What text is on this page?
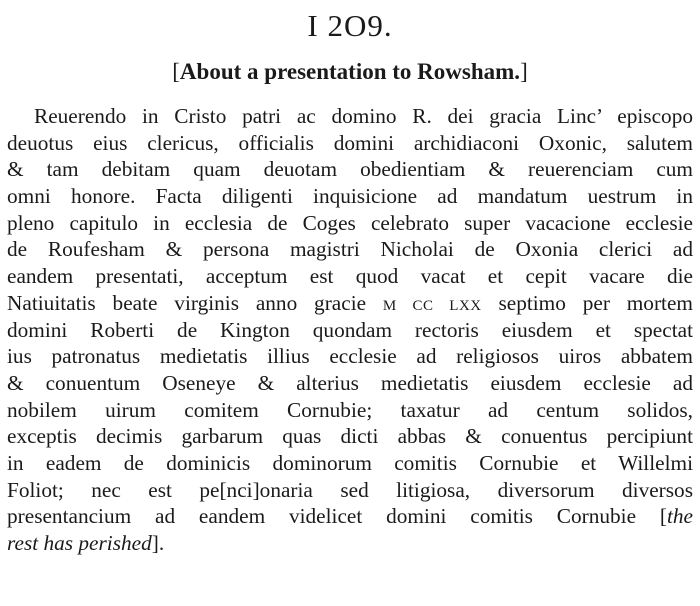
I 2O9.
[About a presentation to Rowsham.]
Reuerendo in Cristo patri ac domino R. dei gracia Linc’ episcopo
deuotus eius clericus, officialis domini archidiaconi Oxonic, salutem
& tam debitam quam deuotam obedientiam & reuerenciam cum
omni honore. Facta diligenti inquisicione ad mandatum uestrum in
pleno capitulo in ecclesia de Coges celebrato super vacacione ecclesie
de Roufesham & persona magistri Nicholai de Oxonia clerici ad
eandem presentati, acceptum est quod vacat et cepit vacare die
Natiuitatis beate virginis anno gracie M CC LXX septimo per mortem
domini Roberti de Kington quondam rectoris eiusdem et spectat
ius patronatus medietatis illius ecclesie ad religiosos uiros abbatem
& conuentum Oseneye & alterius medietatis eiusdem ecclesie ad
nobilem uirum comitem Cornubie; taxatur ad centum solidos,
exceptis decimis garbarum quas dicti abbas & conuentus percipiunt
in eadem de dominicis dominorum comitis Cornubie et Willelmi
Foliot; nec est pe[nci]onaria sed litigiosa, diversorum diversos
presentancium ad eandem videlicet domini comitis Cornubie [the
rest has perished].
